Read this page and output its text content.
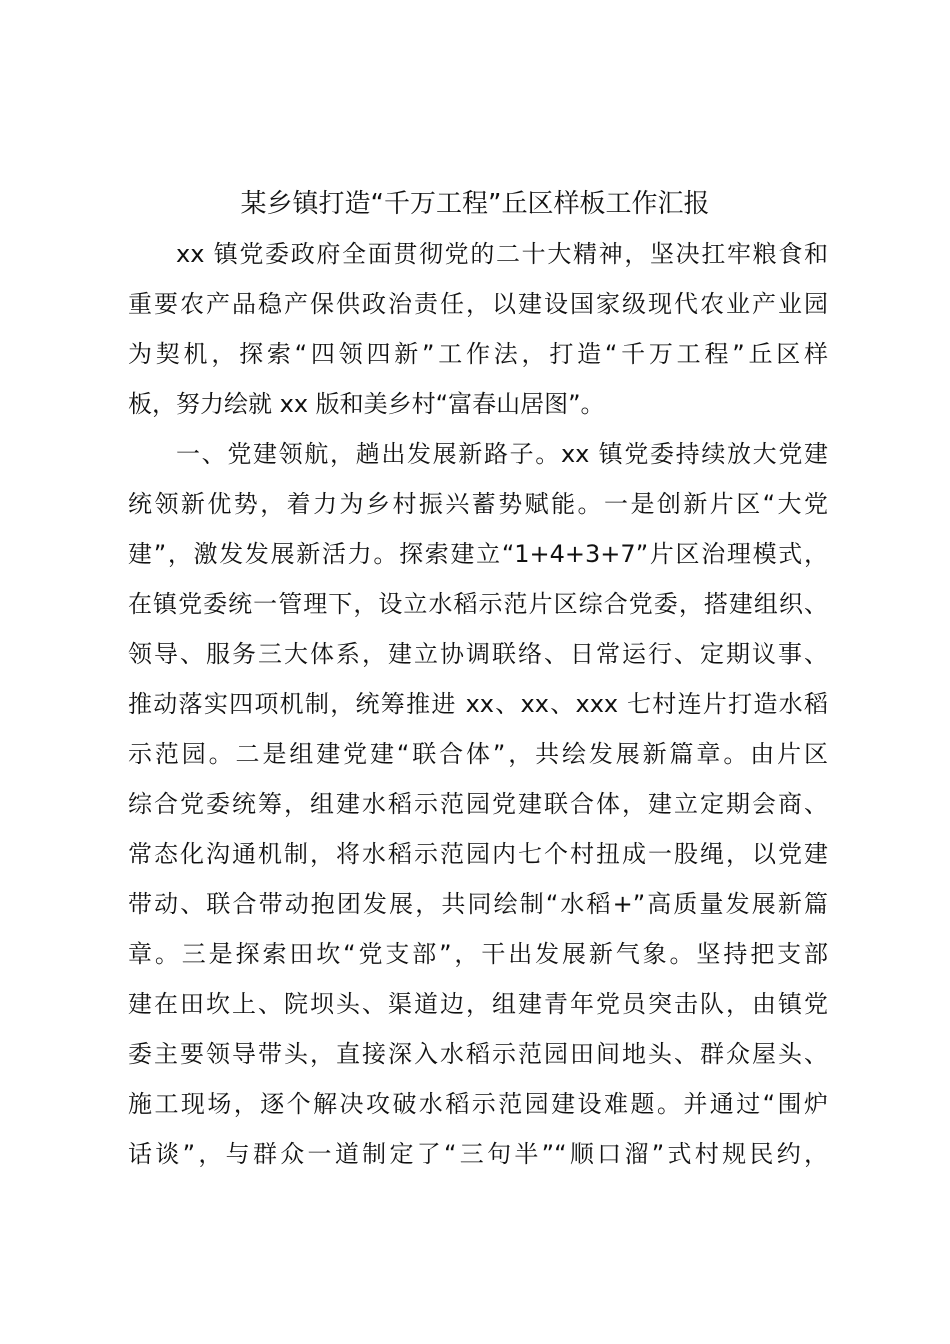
某乡镇打造“千万工程”丘区样板工作汇报
xx 镇党委政府全面贯彻党的二十大精神，坚决扛牢粮食和
重要农产品稳产保供政治责任，以建设国家级现代农业产业园
为契机，探索“四领四新”工作法，打造“千万工程”丘区样
板，努力绘就 xx 版和美乡村“富春山居图”。
一、党建领航，趟出发展新路子。xx 镇党委持续放大党建
统领新优势，着力为乡村振兴蓄势赋能。一是创新片区“大党
建”，激发发展新活力。探索建立“1+4+3+7”片区治理模式，
在镇党委统一管理下，设立水稻示范片区综合党委，搭建组织、
领导、服务三大体系，建立协调联络、日常运行、定期议事、
推动落实四项机制，统筹推进 xx、xx、xxx 七村连片打造水稻
示范园。二是组建党建“联合体”，共绘发展新篇章。由片区
综合党委统筹，组建水稻示范园党建联合体，建立定期会商、
常态化沟通机制，将水稻示范园内七个村扭成一股绳，以党建
带动、联合带动抱团发展，共同绘制“水稻+”高质量发展新篇
章。三是探索田坎“党支部”，干出发展新气象。坚持把支部
建在田坎上、院坝头、渠道边，组建青年党员突击队，由镇党
委主要领导带头，直接深入水稻示范园田间地头、群众屋头、
施工现场，逐个解决攻破水稻示范园建设难题。并通过“围炉
话谈”，与群众一道制定了“三句半”“顺口溜”式村规民约，
